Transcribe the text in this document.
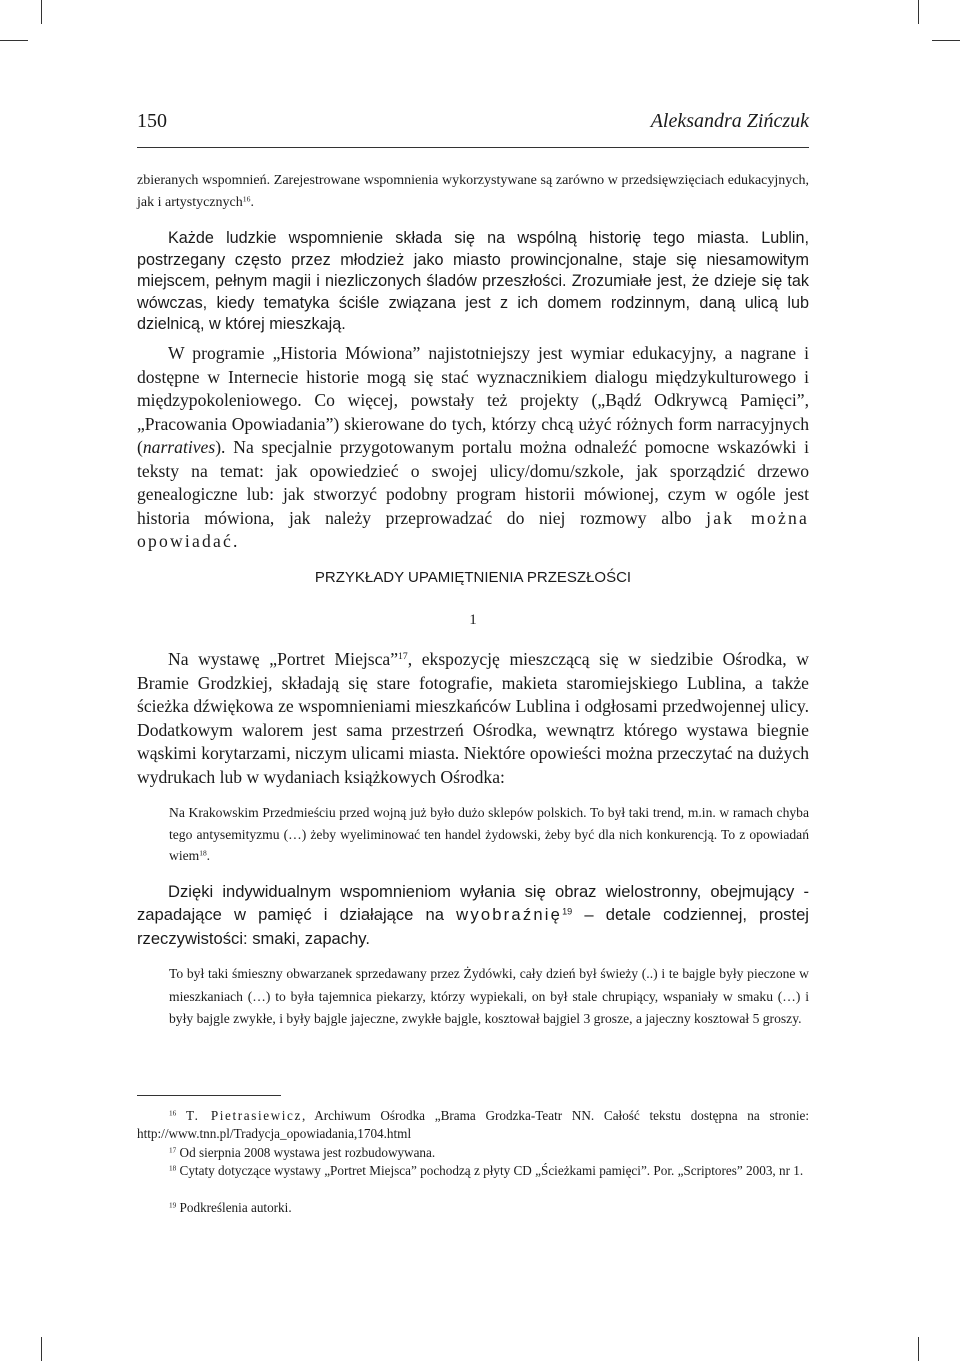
150	Aleksandra Zińczuk

zbieranych wspomnień. Zarejestrowane wspomnienia wykorzystywane są zarówno w przedsięwzięciach edukacyjnych, jak i artystycznych$^{16}$.

Każde ludzkie wspomnienie składa się na wspólną historię tego miasta. Lublin, postrzegany często przez młodzież jako miasto prowincjonalne, staje się niesamowitym miejscem, pełnym magii i niezliczonych śladów przeszłości. Zrozumiałe jest, że dzieje się tak wówczas, kiedy tematyka ściśle związana jest z ich domem rodzinnym, daną ulicą lub dzielnicą, w której mieszkają.

W programie „Historia Mówiona” najistotniejszy jest wymiar edukacyjny, a nagrane i dostępne w Internecie historie mogą się stać wyznacznikiem dialogu międzykulturowego i międzypokoleniowego. Co więcej, powstały też projekty („Bądź Odkrywcą Pamięci”, „Pracowania Opowiadania”) skierowane do tych, którzy chcą użyć różnych form narracyjnych (narratives). Na specjalnie przygotowanym portalu można odnaleźć pomocne wskazówki i teksty na temat: jak opowiedzieć o swojej ulicy/domu/szkole, jak sporządzić drzewo genealogiczne lub: jak stworzyć podobny program historii mówionej, czym w ogóle jest historia mówiona, jak należy przeprowadzać do niej rozmowy albo jak można opowiadać.

PRZYKŁADY UPAMIĘTNIENIA PRZESZŁOŚCI
1

Na wystawę „Portret Miejsca”$^{17}$, ekspozycję mieszczącą się w siedzibie Ośrodka, w Bramie Grodzkiej, składają się stare fotografie, makieta staromiejskiego Lublina, a także ścieżka dźwiękowa ze wspomnieniami mieszkańców Lublina i odgłosami przedwojennej ulicy. Dodatkowym walorem jest sama przestrzeń Ośrodka, wewnątrz którego wystawa biegnie wąskimi korytarzami, niczym ulicami miasta. Niektóre opowieści można przeczytać na dużych wydrukach lub w wydaniach książkowych Ośrodka:

Na Krakowskim Przedmieściu przed wojną już było dużo sklepów polskich. To był taki trend, m.in. w ramach chyba tego antysemityzmu (…) żeby wyeliminować ten handel żydowski, żeby być dla nich konkurencją. To z opowiadań wiem$^{18}$.

Dzięki indywidualnym wspomnieniom wyłania się obraz wielostronny, obejmujący -zapadające w pamięć i działające na wyobraźnię$^{19}$ – detale codziennej, prostej rzeczywistości: smaki, zapachy.

To był taki śmieszny obwarzanek sprzedawany przez Żydówki, cały dzień był świeży (..) i te bajgle były pieczone w mieszkaniach (…) to była tajemnica piekarzy, którzy wypiekali, on był stale chrupiący, wspaniały w smaku (…) i były bajgle zwykłe, i były bajgle jajeczne, zwykłe bajgle, kosztował bajgiel 3 grosze, a jajeczny kosztował 5 groszy.

$^{16}$ T. Pietrasiewicz, Archiwum Ośrodka „Brama Grodzka-Teatr NN. Całość tekstu dostępna na stronie: http://www.tnn.pl/Tradycja_opowiadania,1704.html

$^{17}$ Od sierpnia 2008 wystawa jest rozbudowywana.

$^{18}$ Cytaty dotyczące wystawy „Portret Miejsca” pochodzą z płyty CD „Ścieżkami pamięci”. Por. „Scriptores” 2003, nr 1.

$^{19}$ Podkreślenia autorki.
